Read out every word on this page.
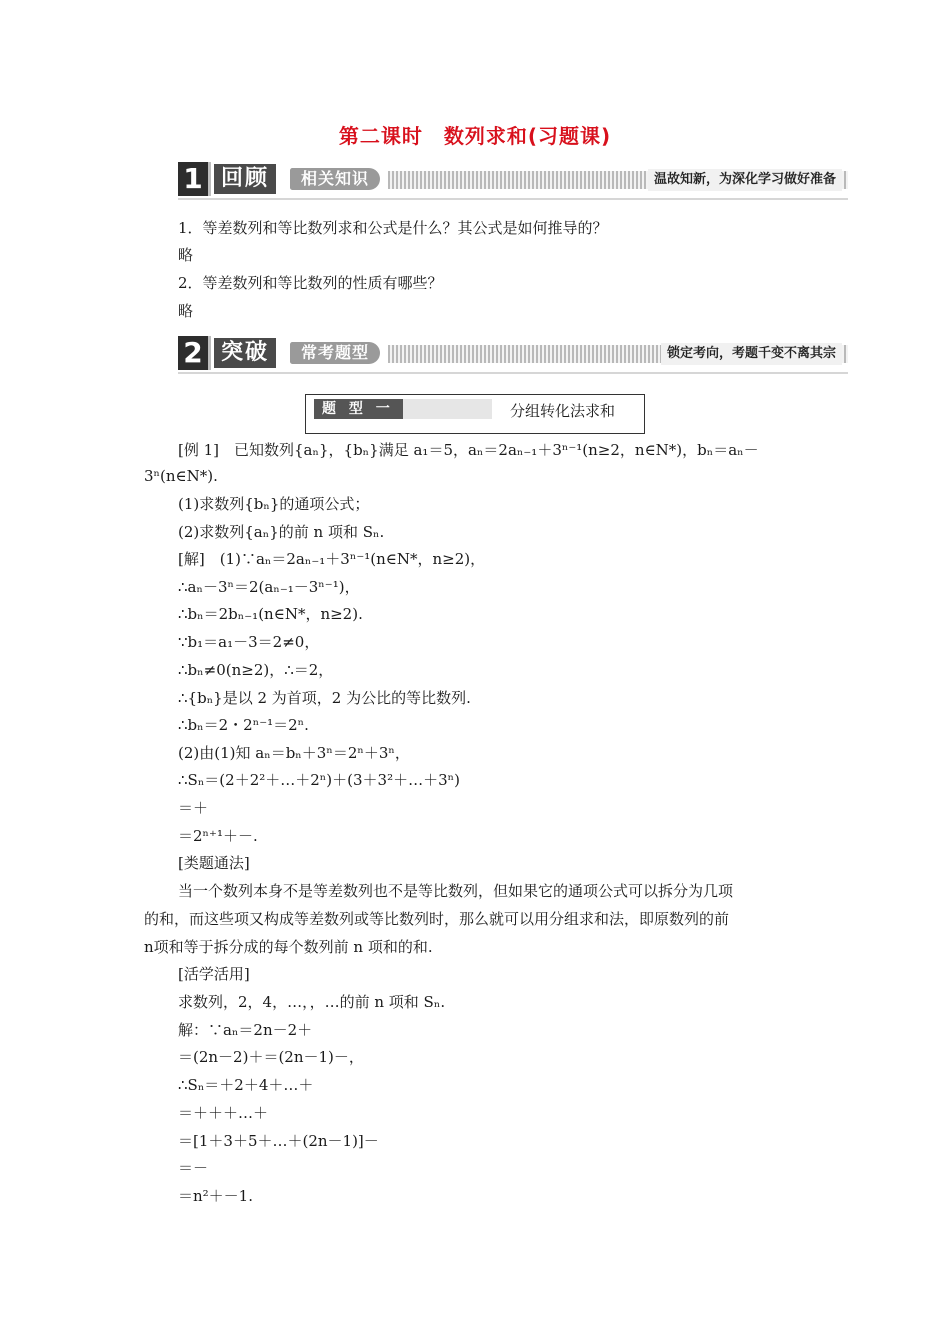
第二课时　数列求和(习题课)
1 回顾	相关知识	温故知新，为深化学习做好准备
1．等差数列和等比数列求和公式是什么？其公式是如何推导的？
略
2．等差数列和等比数列的性质有哪些？
略
2 突破	常考题型	锁定考向，考题千变不离其宗
题 型 一	分组转化法求和
[例 1]　已知数列{aₙ}，{bₙ}满足 a₁＝5，aₙ＝2aₙ₋₁＋3ⁿ⁻¹(n≥2，n∈N*)，bₙ＝aₙ－
3ⁿ(n∈N*).
(1)求数列{bₙ}的通项公式；
(2)求数列{aₙ}的前 n 项和 Sₙ.
[解]　(1)∵aₙ＝2aₙ₋₁＋3ⁿ⁻¹(n∈N*，n≥2)，
∴aₙ－3ⁿ＝2(aₙ₋₁－3ⁿ⁻¹)，
∴bₙ＝2bₙ₋₁(n∈N*，n≥2).
∵b₁＝a₁－3＝2≠0，
∴bₙ≠0(n≥2)，∴＝2，
∴{bₙ}是以 2 为首项，2 为公比的等比数列.
∴bₙ＝2・2ⁿ⁻¹＝2ⁿ.
(2)由(1)知 aₙ＝bₙ＋3ⁿ＝2ⁿ＋3ⁿ，
∴Sₙ＝(2＋2²＋…＋2ⁿ)＋(3＋3²＋…＋3ⁿ)
＝＋
＝2ⁿ⁺¹＋－.
[类题通法]
当一个数列本身不是等差数列也不是等比数列，但如果它的通项公式可以拆分为几项
的和，而这些项又构成等差数列或等比数列时，那么就可以用分组求和法，即原数列的前
n项和等于拆分成的每个数列前 n 项和的和.
[活学活用]
求数列，2，4，…，，…的前 n 项和 Sₙ.
解：∵aₙ＝2n－2＋
＝(2n－2)＋＝(2n－1)－，
∴Sₙ＝＋2＋4＋…＋
＝＋＋＋…＋
＝[1＋3＋5＋…＋(2n－1)]－
＝－
＝n²＋－1.
